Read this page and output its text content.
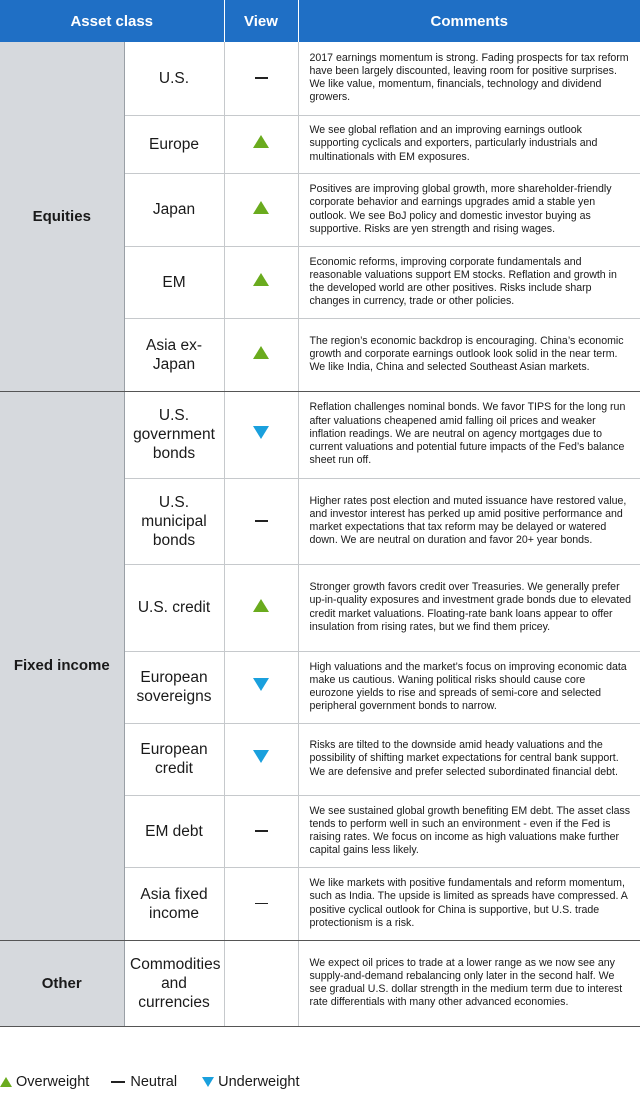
Asset class		View	Comments
Equities	U.S.		2017 earnings momentum is strong. Fading prospects for tax reform have been largely discounted, leaving room for positive surprises. We like value, momentum, financials, technology and dividend growers.

	Europe		We see global reflation and an improving earnings outlook supporting cyclicals and exporters, particularly industrials and multinationals with EM exposures.

	Japan		Positives are improving global growth, more shareholder-friendly corporate behavior and earnings upgrades amid a stable yen outlook. We see BoJ policy and domestic investor buying as supportive. Risks are yen strength and rising wages.

	EM		Economic reforms, improving corporate fundamentals and reasonable valuations support EM stocks. Reflation and growth in the developed world are other positives. Risks include sharp changes in currency, trade or other policies.

	Asia ex-Japan		The region’s economic backdrop is encouraging. China’s economic growth and corporate earnings outlook look solid in the near term. We like India, China and selected Southeast Asian markets.
Fixed income	U.S. government bonds		Reflation challenges nominal bonds. We favor TIPS for the long run after valuations cheapened amid falling oil prices and weaker inflation readings. We are neutral on agency mortgages due to current valuations and potential future impacts of the Fed’s balance sheet run off.

	U.S. municipal bonds		Higher rates post election and muted issuance have restored value, and investor interest has perked up amid positive performance and market expectations that tax reform may be delayed or watered down. We are neutral on duration and favor 20+ year bonds.

	U.S. credit		Stronger growth favors credit over Treasuries. We generally prefer up-in-quality exposures and investment grade bonds due to elevated credit market valuations. Floating-rate bank loans appear to offer insulation from rising rates, but we find them pricey.

	European sovereigns		High valuations and the market’s focus on improving economic data make us cautious. Waning political risks should cause core eurozone yields to rise and spreads of semi-core and selected peripheral government bonds to narrow.

	European credit		Risks are tilted to the downside amid heady valuations and the possibility of shifting market expectations for central bank support. We are defensive and prefer selected subordinated financial debt.

	EM debt		We see sustained global growth benefiting EM debt. The asset class tends to perform well in such an environment - even if the Fed is raising rates. We focus on income as high valuations make further capital gains less likely.

	Asia fixed income		We like markets with positive fundamentals and reform momentum, such as India. The upside is limited as spreads have compressed. A positive cyclical outlook for China is supportive, but U.S. trade protectionism is a risk.
Other	Commodities and currencies		We expect oil prices to trade at a lower range as we now see any supply-and-demand rebalancing only later in the second half. We see gradual U.S. dollar strength in the medium term due to interest rate differentials with many other advanced economies.
Overweight	Neutral	Underweight
